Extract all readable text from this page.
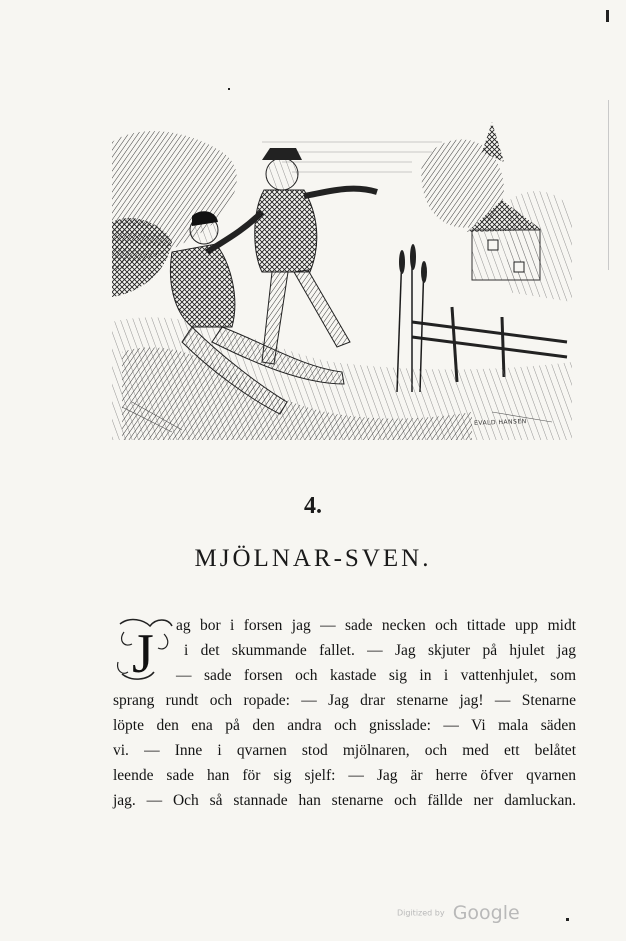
EVALD HANSEN
4.
MJÖLNAR-SVEN.
J ag bor i forsen jag — sade necken och tittade upp midt
i det skummande fallet. — Jag skjuter på hjulet jag
— sade forsen och kastade sig in i vattenhjulet, som
sprang rundt och ropade: — Jag drar stenarne jag! — Stenarne
löpte den ena på den andra och gnisslade: — Vi mala säden
vi. — Inne i qvarnen stod mjölnaren, och med ett belåtet
leende sade han för sig sjelf: — Jag är herre öfver qvarnen
jag. — Och så stannade han stenarne och fällde ner damluckan.
Digitized by Google
